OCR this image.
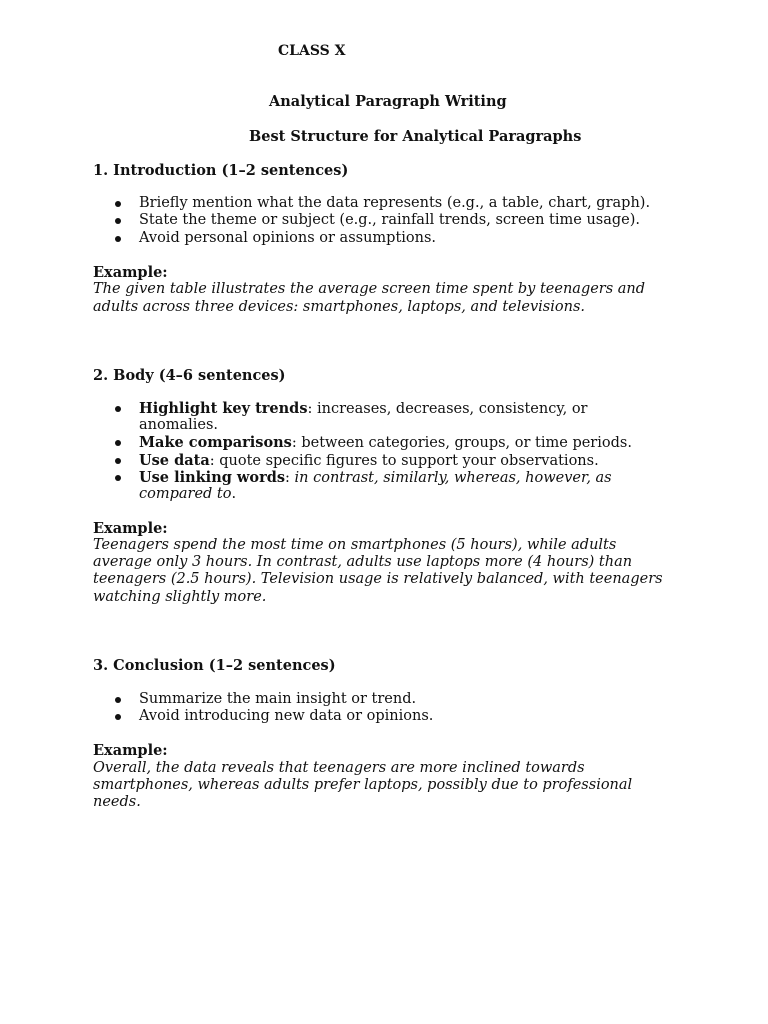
CLASS X
Analytical Paragraph Writing
Best Structure for Analytical Paragraphs
1. Introduction (1–2 sentences)
Briefly mention what the data represents (e.g., a table, chart, graph).
State the theme or subject (e.g., rainfall trends, screen time usage).
Avoid personal opinions or assumptions.
Example:
The given table illustrates the average screen time spent by teenagers and
adults across three devices: smartphones, laptops, and televisions.
2. Body (4–6 sentences)
Highlight key trends: increases, decreases, consistency, or
anomalies.
Make comparisons: between categories, groups, or time periods.
Use data: quote specific figures to support your observations.
Use linking words: in contrast, similarly, whereas, however, as
compared to.
Example:
Teenagers spend the most time on smartphones (5 hours), while adults
average only 3 hours. In contrast, adults use laptops more (4 hours) than
teenagers (2.5 hours). Television usage is relatively balanced, with teenagers
watching slightly more.
3. Conclusion (1–2 sentences)
Summarize the main insight or trend.
Avoid introducing new data or opinions.
Example:
Overall, the data reveals that teenagers are more inclined towards
smartphones, whereas adults prefer laptops, possibly due to professional
needs.
